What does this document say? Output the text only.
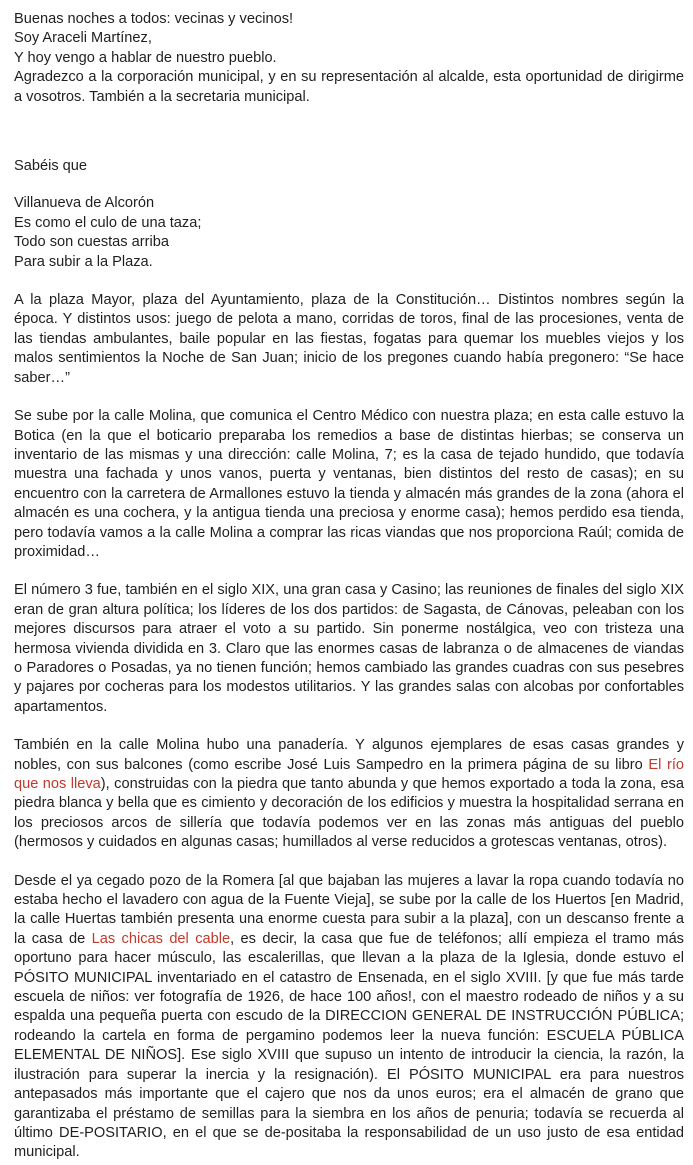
Buenas noches a todos: vecinas y vecinos!
Soy Araceli Martínez,
Y hoy vengo a hablar de nuestro pueblo.

Agradezco a la corporación municipal, y en su representación al alcalde, esta oportunidad de dirigirme a vosotros. También a la secretaria municipal.

Sabéis que
Villanueva de Alcorón
Es como el culo de una taza;
Todo son cuestas arriba
Para subir a la Plaza.

A la plaza Mayor, plaza del Ayuntamiento, plaza de la Constitución… Distintos nombres según la época. Y distintos usos: juego de pelota a mano, corridas de toros, final de las procesiones, venta de las tiendas ambulantes, baile popular en las fiestas, fogatas para quemar los muebles viejos y los malos sentimientos la Noche de San Juan; inicio de los pregones cuando había pregonero: “Se hace saber…”

Se sube por la calle Molina, que comunica el Centro Médico con nuestra plaza; en esta calle estuvo la Botica (en la que el boticario preparaba los remedios a base de distintas hierbas; se conserva un inventario de las mismas y una dirección: calle Molina, 7; es la casa de tejado hundido, que todavía muestra una fachada y unos vanos, puerta y ventanas, bien distintos del resto de casas); en su encuentro con la carretera de Armallones estuvo la tienda y almacén más grandes de la zona (ahora el almacén es una cochera, y la antigua tienda una preciosa y enorme casa); hemos perdido esa tienda, pero todavía vamos a la calle Molina a comprar las ricas viandas que nos proporciona Raúl; comida de proximidad…

El número 3 fue, también en el siglo XIX, una gran casa y Casino; las reuniones de finales del siglo XIX eran de gran altura política; los líderes de los dos partidos: de Sagasta, de Cánovas, peleaban con los mejores discursos para atraer el voto a su partido. Sin ponerme nostálgica, veo con tristeza una hermosa vivienda dividida en 3. Claro que las enormes casas de labranza o de almacenes de viandas o Paradores o Posadas, ya no tienen función; hemos cambiado las grandes cuadras con sus pesebres y pajares por cocheras para los modestos utilitarios. Y las grandes salas con alcobas por confortables apartamentos.

También en la calle Molina hubo una panadería. Y algunos ejemplares de esas casas grandes y nobles, con sus balcones (como escribe José Luis Sampedro en la primera página de su libro El río que nos lleva), construidas con la piedra que tanto abunda y que hemos exportado a toda la zona, esa piedra blanca y bella que es cimiento y decoración de los edificios y muestra la hospitalidad serrana en los preciosos arcos de sillería que todavía podemos ver en las zonas más antiguas del pueblo (hermosos y cuidados en algunas casas; humillados al verse reducidos a grotescas ventanas, otros).

Desde el ya cegado pozo de la Romera [al que bajaban las mujeres a lavar la ropa cuando todavía no estaba hecho el lavadero con agua de la Fuente Vieja], se sube por la calle de los Huertos [en Madrid, la calle Huertas también presenta una enorme cuesta para subir a la plaza], con un descanso frente a la casa de Las chicas del cable, es decir, la casa que fue de teléfonos; allí empieza el tramo más oportuno para hacer músculo, las escalerillas, que llevan a la plaza de la Iglesia, donde estuvo el PÓSITO MUNICIPAL inventariado en el catastro de Ensenada, en el siglo XVIII. [y que fue más tarde escuela de niños: ver fotografía de 1926, de hace 100 años!, con el maestro rodeado de niños y a su espalda una pequeña puerta con escudo de la DIRECCION GENERAL DE INSTRUCCIÓN PÚBLICA; rodeando la cartela en forma de pergamino podemos leer la nueva función: ESCUELA PÚBLICA ELEMENTAL DE NIÑOS]. Ese siglo XVIII que supuso un intento de introducir la ciencia, la razón, la ilustración para superar la inercia y la resignación). El PÓSITO MUNICIPAL era para nuestros antepasados más importante que el cajero que nos da unos euros; era el almacén de grano que garantizaba el préstamo de semillas para la siembra en los años de penuria; todavía se recuerda al último DE-POSITARIO, en el que se de-positaba la responsabilidad de un uso justo de esa entidad municipal.
